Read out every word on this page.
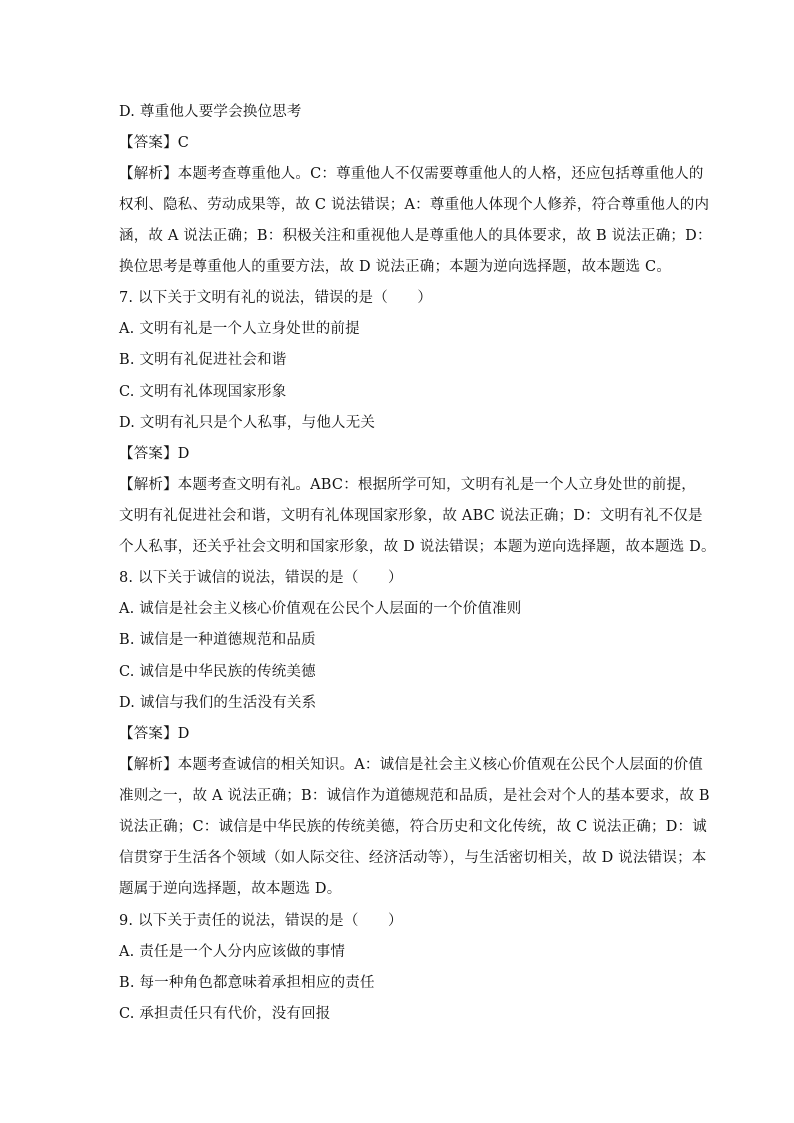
D. 尊重他人要学会换位思考
【答案】C
【解析】本题考查尊重他人。C：尊重他人不仅需要尊重他人的人格，还应包括尊重他人的
权利、隐私、劳动成果等，故 C 说法错误；A：尊重他人体现个人修养，符合尊重他人的内
涵，故 A 说法正确；B：积极关注和重视他人是尊重他人的具体要求，故 B 说法正确；D：
换位思考是尊重他人的重要方法，故 D 说法正确；本题为逆向选择题，故本题选 C。
7. 以下关于文明有礼的说法，错误的是（　　）
A. 文明有礼是一个人立身处世的前提
B. 文明有礼促进社会和谐
C. 文明有礼体现国家形象
D. 文明有礼只是个人私事，与他人无关
【答案】D
【解析】本题考查文明有礼。ABC：根据所学可知，文明有礼是一个人立身处世的前提，
文明有礼促进社会和谐，文明有礼体现国家形象，故 ABC 说法正确；D：文明有礼不仅是
个人私事，还关乎社会文明和国家形象，故 D 说法错误；本题为逆向选择题，故本题选 D。
8. 以下关于诚信的说法，错误的是（　　）
A. 诚信是社会主义核心价值观在公民个人层面的一个价值准则
B. 诚信是一种道德规范和品质
C. 诚信是中华民族的传统美德
D. 诚信与我们的生活没有关系
【答案】D
【解析】本题考查诚信的相关知识。A：诚信是社会主义核心价值观在公民个人层面的价值
准则之一，故 A 说法正确；B：诚信作为道德规范和品质，是社会对个人的基本要求，故 B
说法正确；C：诚信是中华民族的传统美德，符合历史和文化传统，故 C 说法正确；D：诚
信贯穿于生活各个领域（如人际交往、经济活动等），与生活密切相关，故 D 说法错误；本
题属于逆向选择题，故本题选 D。
9. 以下关于责任的说法，错误的是（　　）
A. 责任是一个人分内应该做的事情
B. 每一种角色都意味着承担相应的责任
C. 承担责任只有代价，没有回报
